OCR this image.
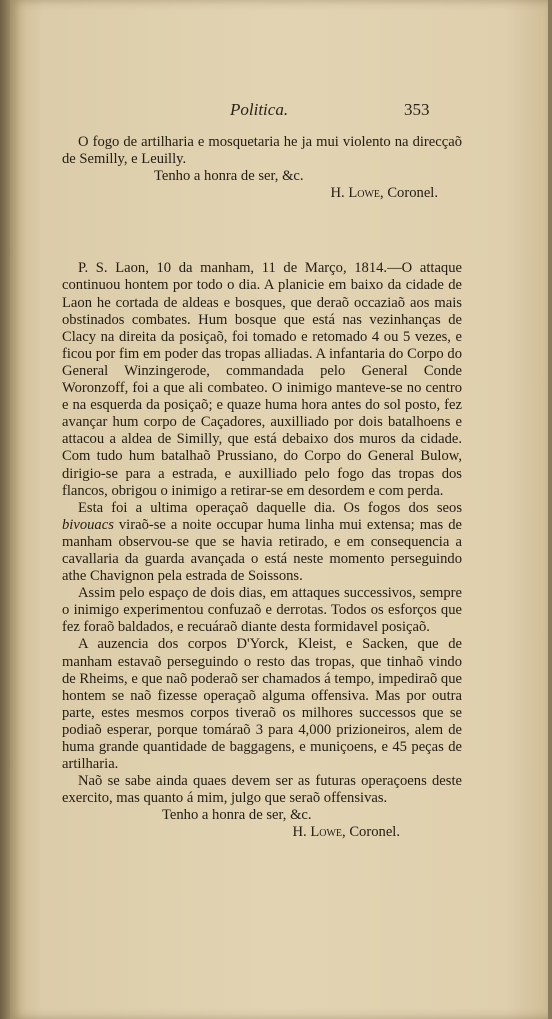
Politica.	353

O fogo de artilharia e mosquetaria he ja mui violento na direcçaõ de Semilly, e Leuilly.

Tenho a honra de ser, &c.

H. Lowe, Coronel.

P. S. Laon, 10 da manham, 11 de Março, 1814.—O attaque continuou hontem por todo o dia. A planicie em baixo da cidade de Laon he cortada de aldeas e bosques, que deraõ occaziaõ aos mais obstinados combates. Hum bosque que está nas vezinhanças de Clacy na direita da posiçaõ, foi tomado e retomado 4 ou 5 vezes, e ficou por fim em poder das tropas alliadas. A infantaria do Corpo do General Winzingerode, commandada pelo General Conde Woronzoff, foi a que ali combateo. O inimigo manteve-se no centro e na esquerda da posiçaõ; e quaze huma hora antes do sol posto, fez avançar hum corpo de Caçadores, auxilliado por dois batalhoens e attacou a aldea de Similly, que está debaixo dos muros da cidade. Com tudo hum batalhaõ Prussiano, do Corpo do General Bulow, dirigio-se para a estrada, e auxilliado pelo fogo das tropas dos flancos, obrigou o inimigo a retirar-se em desordem e com perda.

Esta foi a ultima operaçaõ daquelle dia. Os fogos dos seos bivouacs viraõ-se a noite occupar huma linha mui extensa; mas de manham observou-se que se havia retirado, e em consequencia a cavallaria da guarda avançada o está neste momento perseguindo athe Chavignon pela estrada de Soissons.

Assim pelo espaço de dois dias, em attaques successivos, sempre o inimigo experimentou confuzaõ e derrotas. Todos os esforços que fez foraõ baldados, e recuáraõ diante desta formidavel posiçaõ.

A auzencia dos corpos D'Yorck, Kleist, e Sacken, que de manham estavaõ perseguindo o resto das tropas, que tinhaõ vindo de Rheims, e que naõ poderaõ ser chamados á tempo, impediraõ que hontem se naõ fizesse operaçaõ alguma offensiva. Mas por outra parte, estes mesmos corpos tiveraõ os milhores successos que se podiaõ esperar, porque tomáraõ 3 para 4,000 prizioneiros, alem de huma grande quantidade de baggagens, e muniçoens, e 45 peças de artilharia.

Naõ se sabe ainda quaes devem ser as futuras operaçoens deste exercito, mas quanto á mim, julgo que seraõ offensivas.

Tenho a honra de ser, &c.

H. Lowe, Coronel.
